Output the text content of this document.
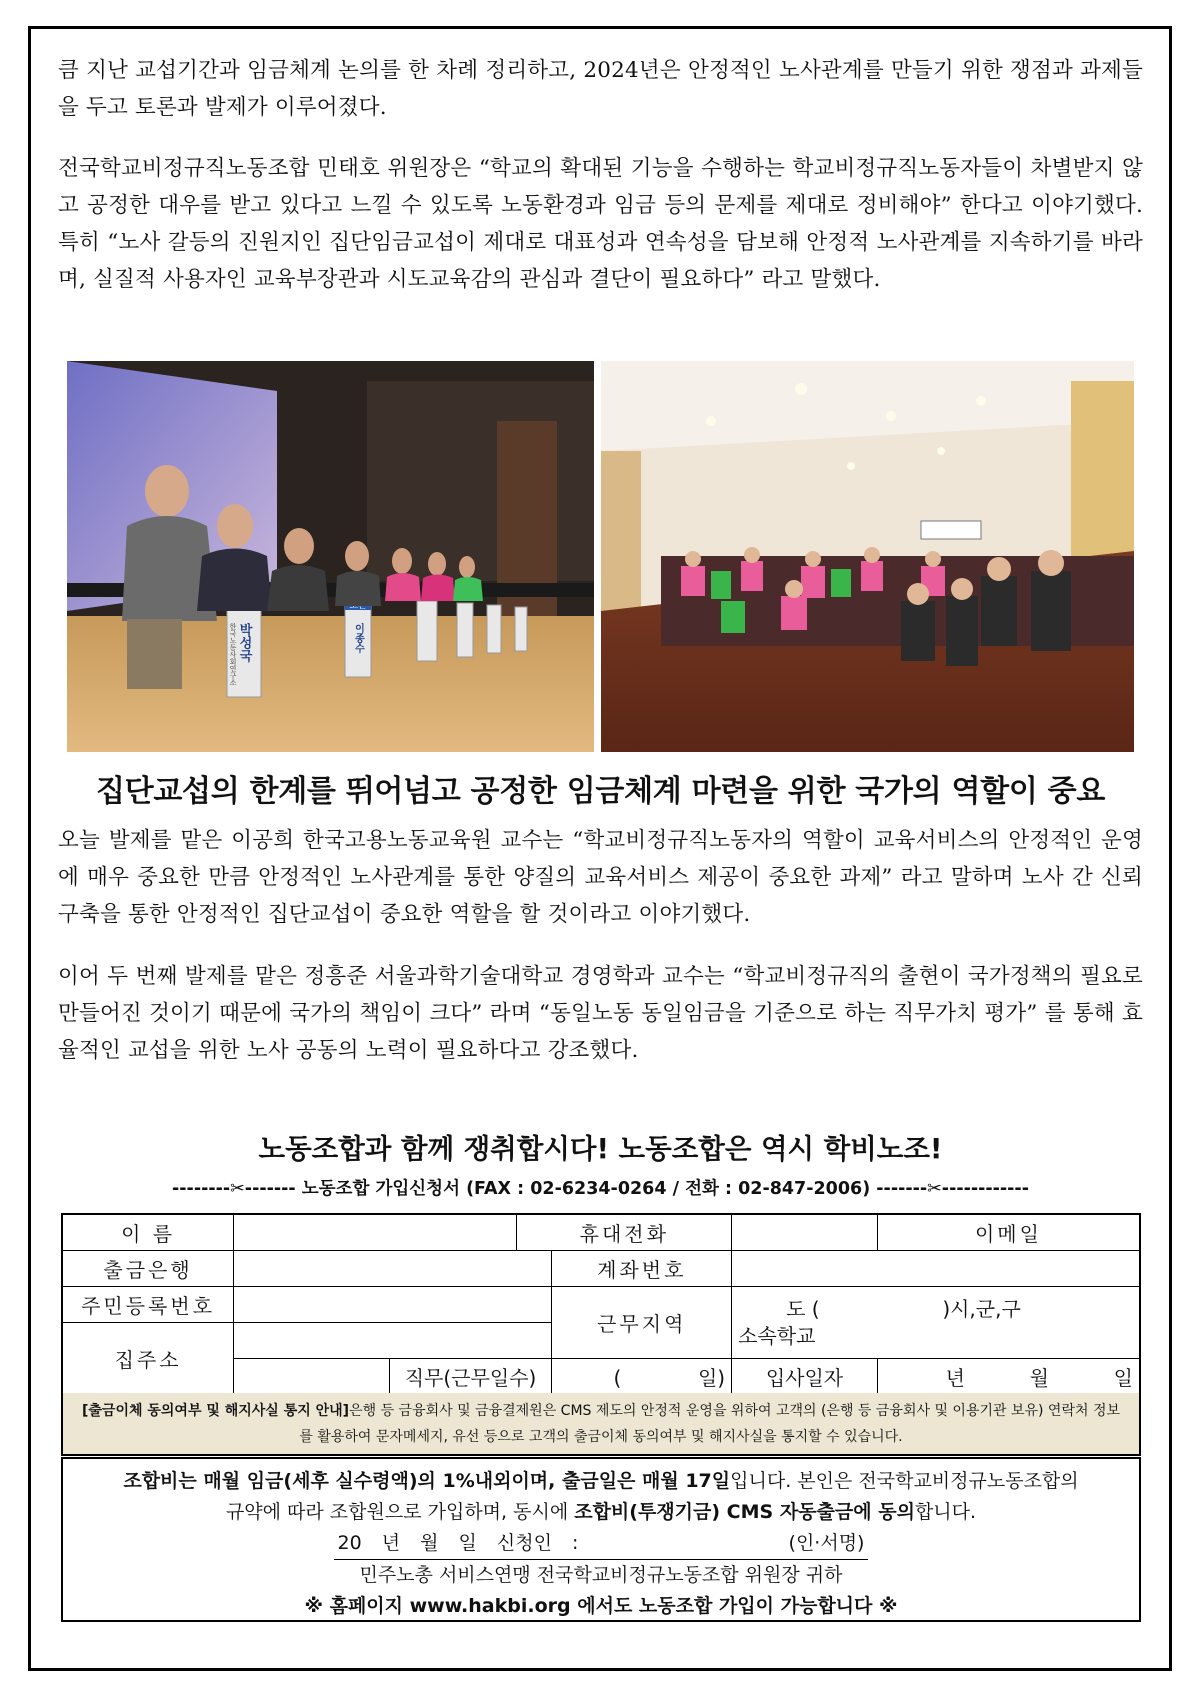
큼 지난 교섭기간과 임금체계 논의를 한 차례 정리하고, 2024년은 안정적인 노사관계를 만들기 위한 쟁점과 과제들을 두고 토론과 발제가 이루어졌다.

전국학교비정규직노동조합 민태호 위원장은 “학교의 확대된 기능을 수행하는 학교비정규직노동자들이 차별받지 않고 공정한 대우를 받고 있다고 느낄 수 있도록 노동환경과 임금 등의 문제를 제대로 정비해야” 한다고 이야기했다. 특히 “노사 갈등의 진원지인 집단임금교섭이 제대로 대표성과 연속성을 담보해 안정적 노사관계를 지속하기를 바라며, 실질적 사용자인 교육부장관과 시도교육감의 관심과 결단이 필요하다” 라고 말했다.

박성국
한국노동사회연구소	이종수
집단교섭의 한계를 뛰어넘고 공정한 임금체계 마련을 위한 국가의 역할이 중요

오늘 발제를 맡은 이공희 한국고용노동교육원 교수는 “학교비정규직노동자의 역할이 교육서비스의 안정적인 운영에 매우 중요한 만큼 안정적인 노사관계를 통한 양질의 교육서비스 제공이 중요한 과제” 라고 말하며 노사 간 신뢰 구축을 통한 안정적인 집단교섭이 중요한 역할을 할 것이라고 이야기했다.

이어 두 번째 발제를 맡은 정흥준 서울과학기술대학교 경영학과 교수는 “학교비정규직의 출현이 국가정책의 필요로 만들어진 것이기 때문에 국가의 책임이 크다” 라며 “동일노동 동일임금을 기준으로 하는 직무가치 평가” 를 통해 효율적인 교섭을 위한 노사 공동의 노력이 필요하다고 강조했다.

노동조합과 함께 쟁취합시다! 노동조합은 역시 학비노조!
--------✂------- 노동조합 가입신청서 (FAX : 02-6234-0264 / 전화 : 02-847-2006) -------✂------------
이 름			휴대전화			이메일
출금은행				계좌번호		
주민등록번호				근무지역	도 ( )시,군,구
소속학교	

집주소						
		직무(근무일수)		( 일)	입사일자	년 월 일
[출금이체 동의여부 및 해지사실 통지 안내]은행 등 금융회사 및 금융결제원은 CMS 제도의 안정적 운영을 위하여 고객의 (은행 등 금융회사 및 이용기관 보유) 연락처 정보를 활용하여 문자메세지, 유선 등으로 고객의 출금이체 동의여부 및 해지사실을 통지할 수 있습니다.
조합비는 매월 임금(세후 실수령액)의 1%내외이며, 출금일은 매월 17일입니다. 본인은 전국학교비정규노동조합의
규약에 따라 조합원으로 가입하며, 동시에 조합비(투쟁기금) CMS 자동출금에 동의합니다.
20 년 월 일 신청인 :	(인·서명)
민주노총 서비스연맹 전국학교비정규노동조합 위원장 귀하
※ 홈페이지 www.hakbi.org 에서도 노동조합 가입이 가능합니다 ※
